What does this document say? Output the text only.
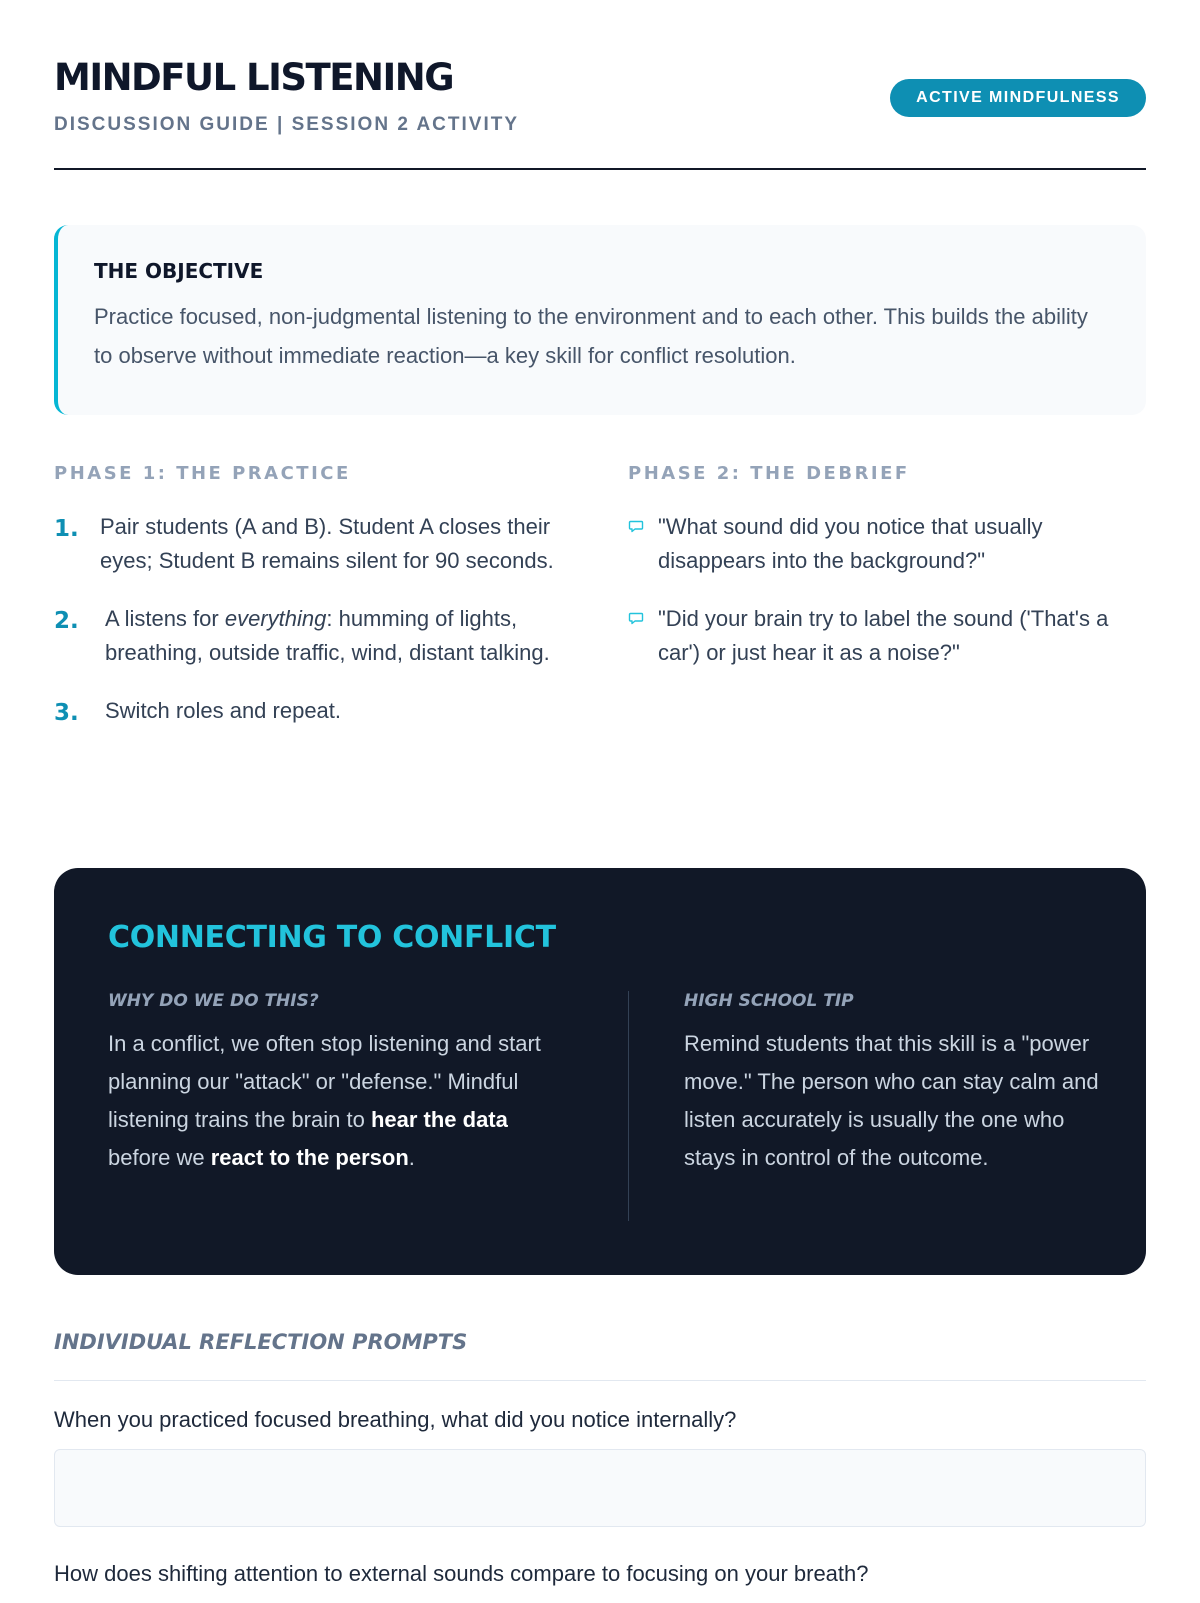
MINDFUL LISTENING
DISCUSSION GUIDE | SESSION 2 ACTIVITY
ACTIVE MINDFULNESS
THE OBJECTIVE

Practice focused, non-judgmental listening to the environment and to each other. This builds the ability to observe without immediate reaction—a key skill for conflict resolution.

PHASE 1: THE PRACTICE
1. Pair students (A and B). Student A closes their eyes; Student B remains silent for 90 seconds.
2. A listens for everything: humming of lights, breathing, outside traffic, wind, distant talking.
3. Switch roles and repeat.
PHASE 2: THE DEBRIEF
"What sound did you notice that usually disappears into the background?"
"Did your brain try to label the sound ('That's a car') or just hear it as a noise?"
CONNECTING TO CONFLICT
WHY DO WE DO THIS?

In a conflict, we often stop listening and start planning our "attack" or "defense." Mindful listening trains the brain to hear the data before we react to the person.

HIGH SCHOOL TIP

Remind students that this skill is a "power move." The person who can stay calm and listen accurately is usually the one who stays in control of the outcome.

INDIVIDUAL REFLECTION PROMPTS

When you practiced focused breathing, what did you notice internally?

How does shifting attention to external sounds compare to focusing on your breath?
